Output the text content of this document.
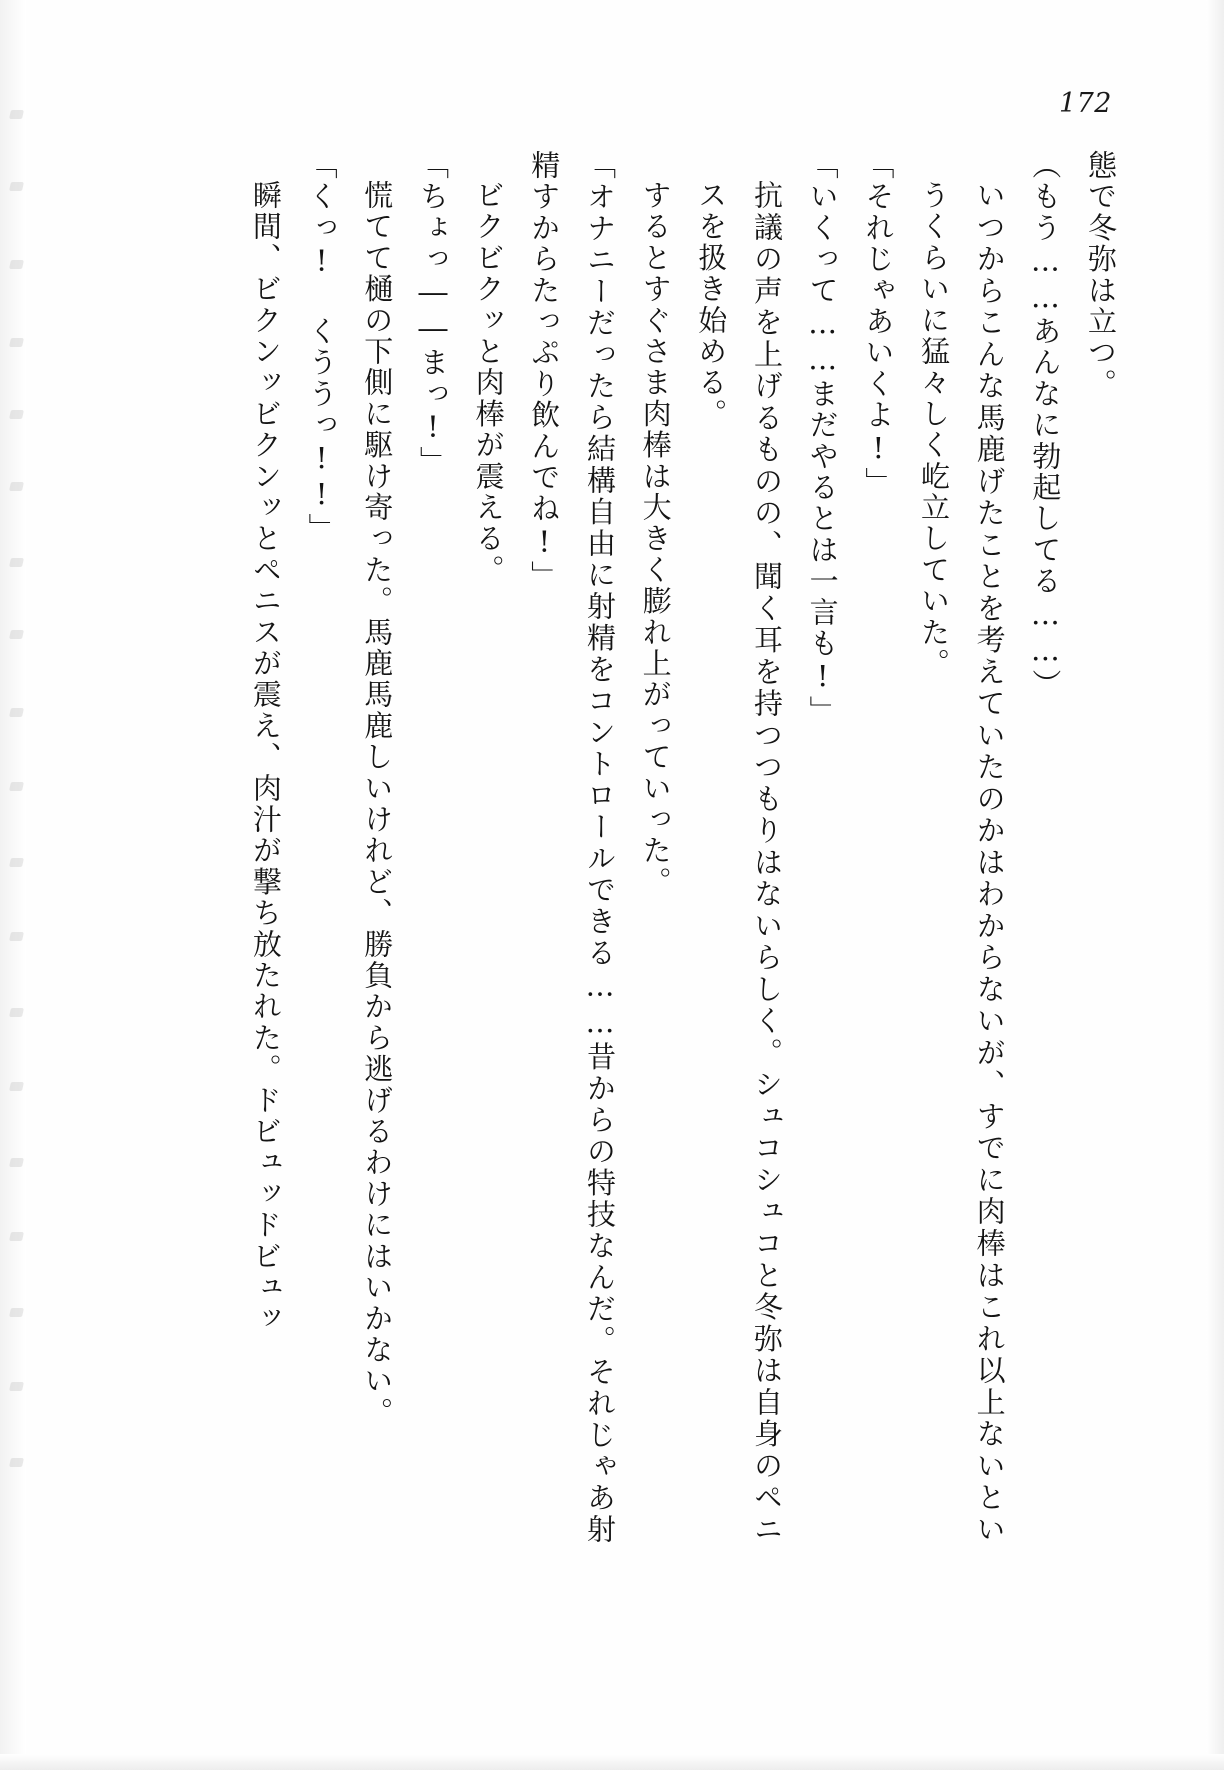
172

態で冬弥は立つ。

（もう……あんなに勃起してる……）

いつからこんな馬鹿げたことを考えていたのかはわからないが、すでに肉棒はこれ以上ないというくらいに猛々しく屹立していた。

「それじゃあいくよ!」

「いくって……まだやるとは一言も!」

抗議の声を上げるものの、聞く耳を持つつもりはないらしく。シュコシュコと冬弥は自身のペニスを扱き始める。

するとすぐさま肉棒は大きく膨れ上がっていった。

「オナニーだったら結構自由に射精をコントロールできる……昔からの特技なんだ。それじゃあ射精すからたっぷり飲んでね!」

ビクビクッと肉棒が震える。

「ちょっ――まっ!」

慌てて樋の下側に駆け寄った。馬鹿馬鹿しいけれど、勝負から逃げるわけにはいかない。

「くっ! くううっ!!」

瞬間、ビクンッビクンッとペニスが震え、肉汁が撃ち放たれた。ドビュッドビュッ
